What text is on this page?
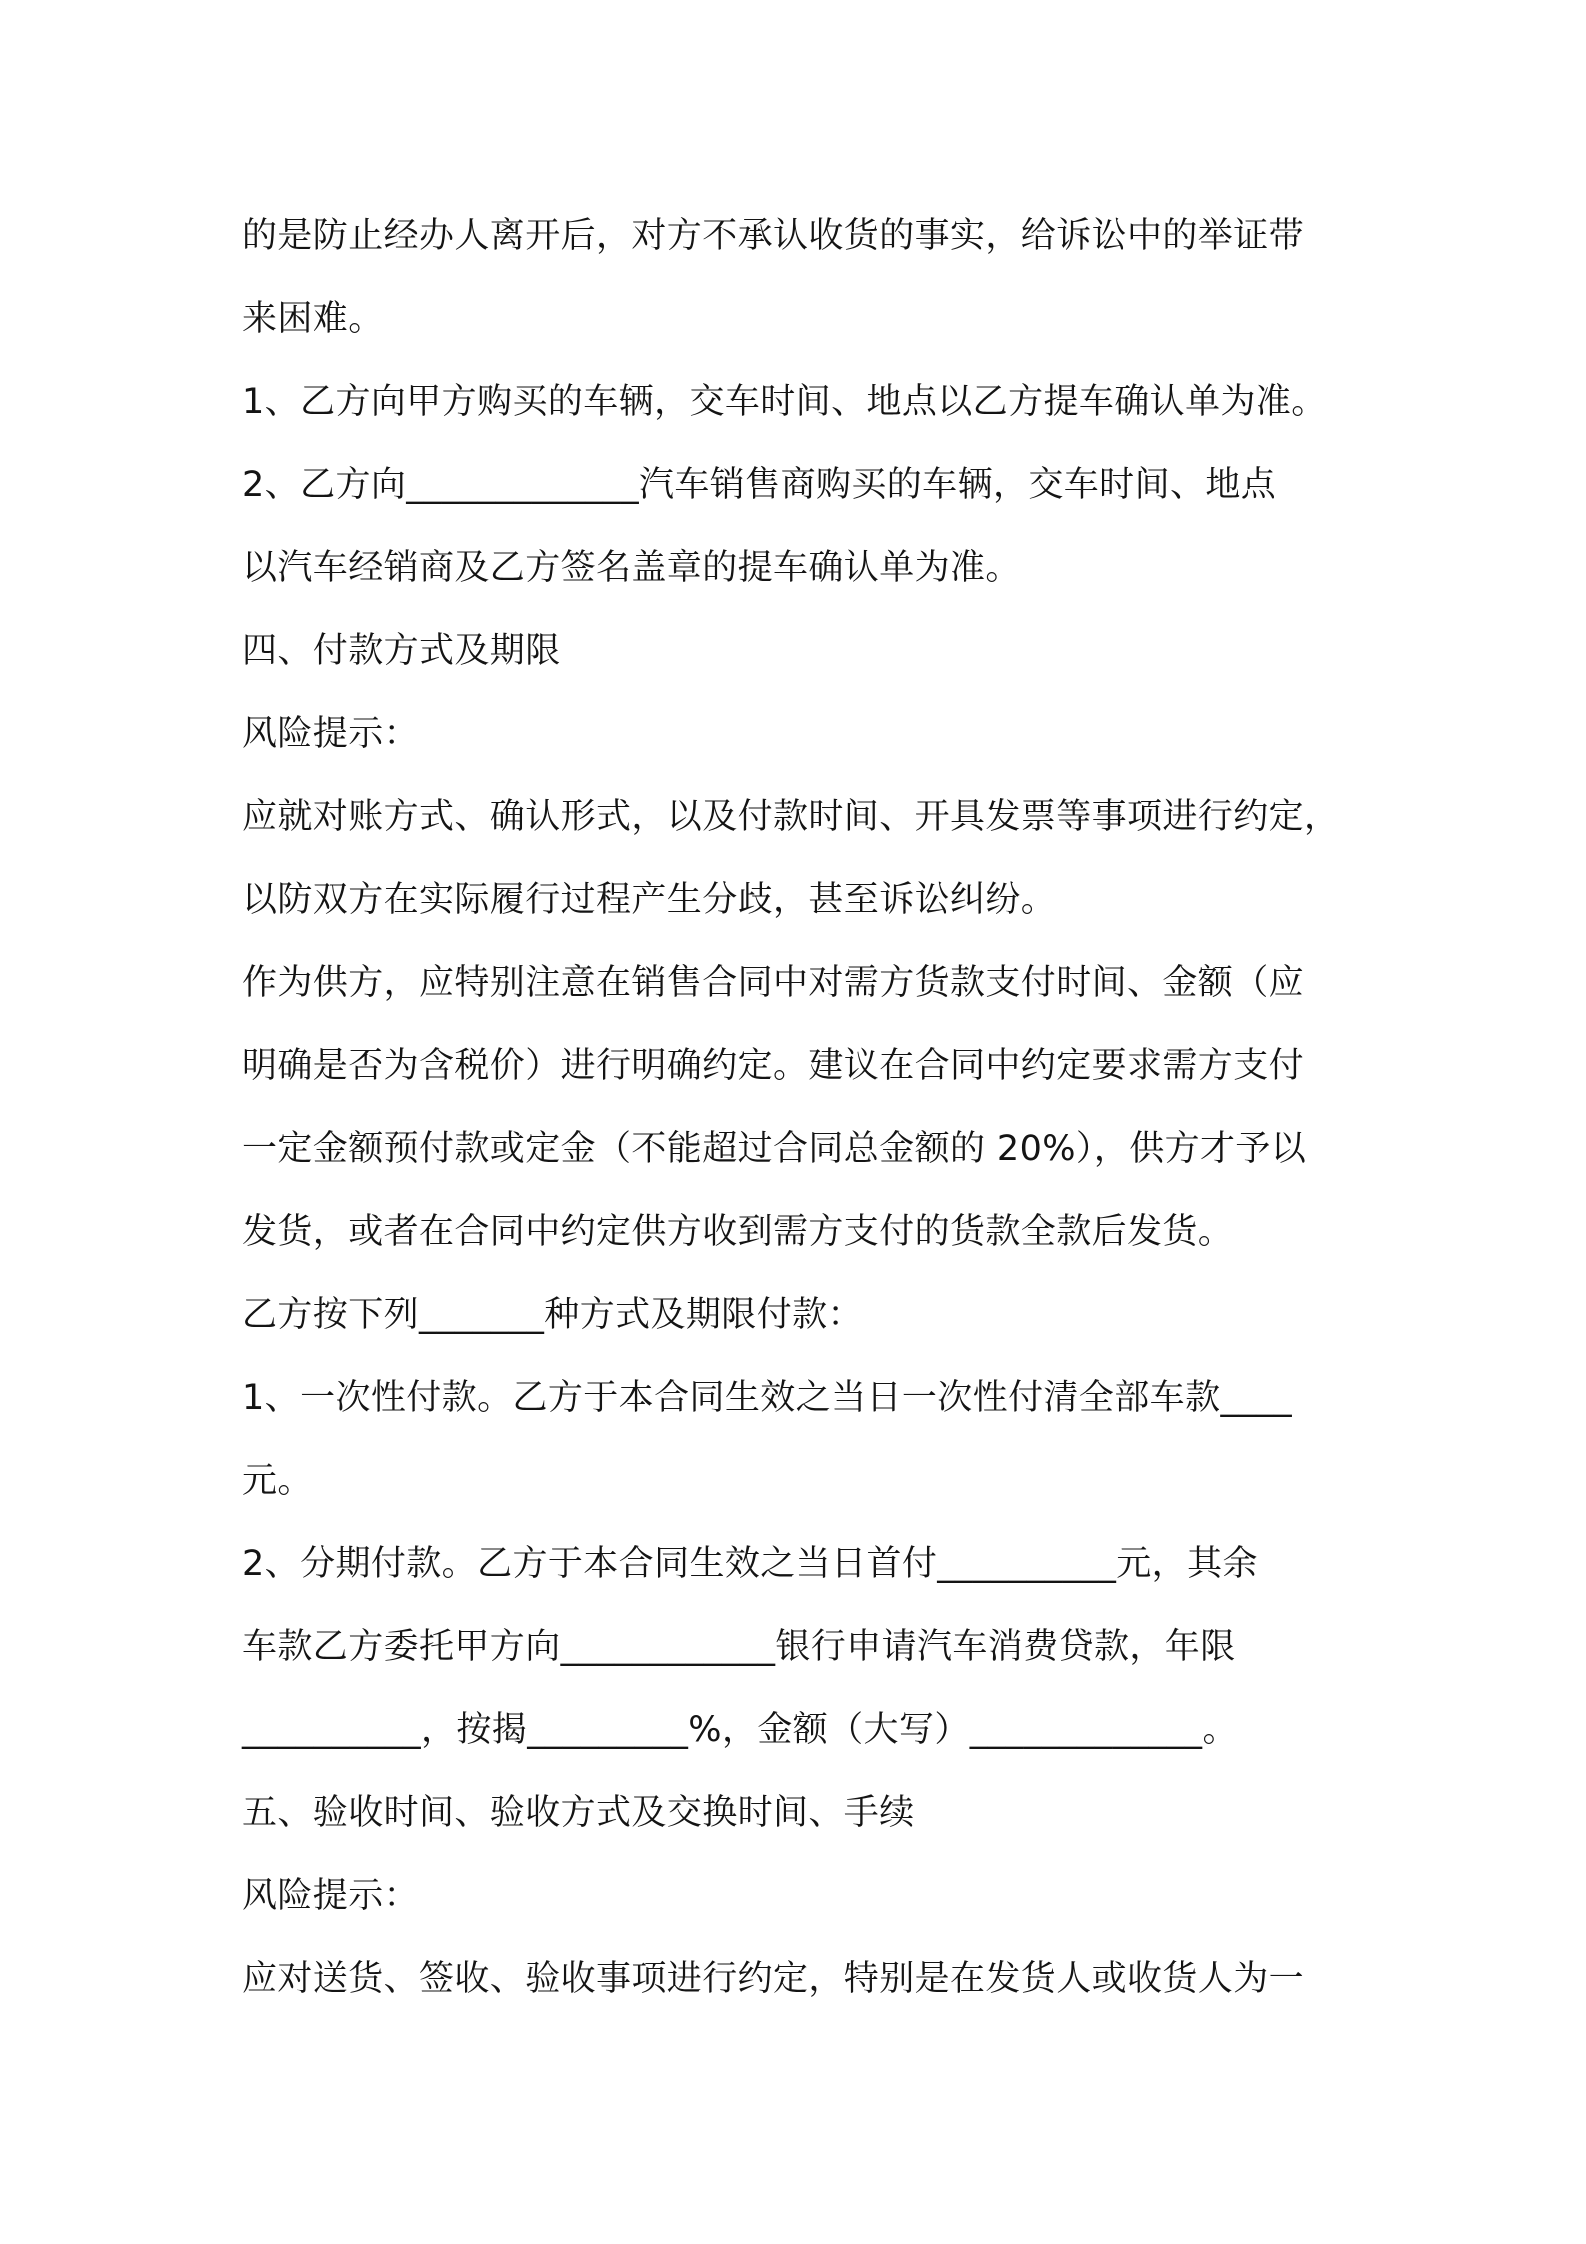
的是防止经办人离开后，对方不承认收货的事实，给诉讼中的举证带
来困难。
1、乙方向甲方购买的车辆，交车时间、地点以乙方提车确认单为准。
2、乙方向_____________汽车销售商购买的车辆，交车时间、地点
以汽车经销商及乙方签名盖章的提车确认单为准。
四、付款方式及期限
风险提示：
应就对账方式、确认形式，以及付款时间、开具发票等事项进行约定，
以防双方在实际履行过程产生分歧，甚至诉讼纠纷。
作为供方，应特别注意在销售合同中对需方货款支付时间、金额（应
明确是否为含税价）进行明确约定。建议在合同中约定要求需方支付
一定金额预付款或定金（不能超过合同总金额的 20%），供方才予以
发货，或者在合同中约定供方收到需方支付的货款全款后发货。
乙方按下列_______种方式及期限付款：
1、一次性付款。乙方于本合同生效之当日一次性付清全部车款____
元。
2、分期付款。乙方于本合同生效之当日首付__________元，其余
车款乙方委托甲方向____________银行申请汽车消费贷款，年限
__________，按揭_________%，金额（大写）_____________。
五、验收时间、验收方式及交换时间、手续
风险提示：
应对送货、签收、验收事项进行约定，特别是在发货人或收货人为一
